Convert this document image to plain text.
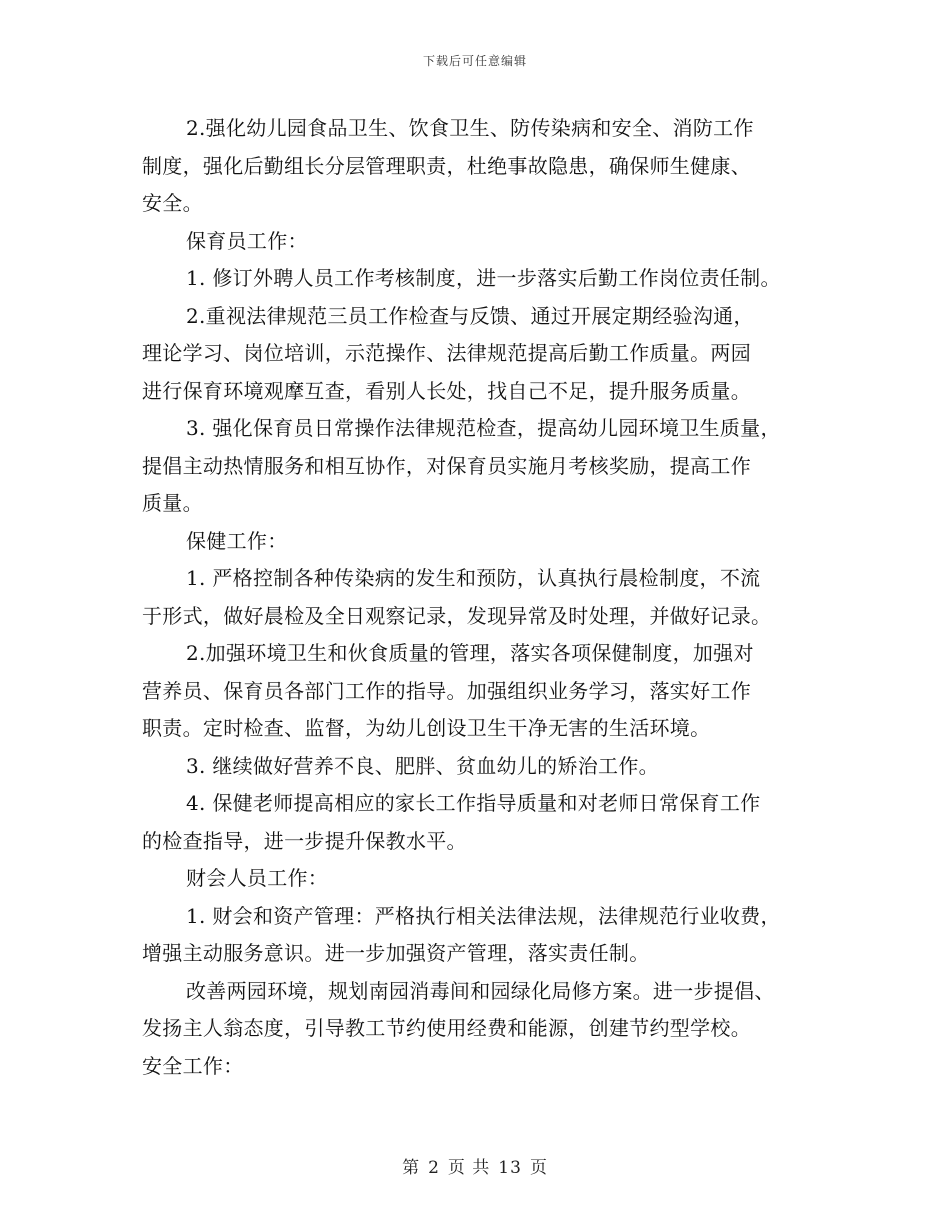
下载后可任意编辑
2.强化幼儿园食品卫生、饮食卫生、防传染病和安全、消防工作
制度，强化后勤组长分层管理职责，杜绝事故隐患，确保师生健康、
安全。
保育员工作：
1. 修订外聘人员工作考核制度，进一步落实后勤工作岗位责任制。
2.重视法律规范三员工作检查与反馈、通过开展定期经验沟通，
理论学习、岗位培训，示范操作、法律规范提高后勤工作质量。两园
进行保育环境观摩互查，看别人长处，找自己不足，提升服务质量。
3. 强化保育员日常操作法律规范检查，提高幼儿园环境卫生质量，
提倡主动热情服务和相互协作，对保育员实施月考核奖励，提高工作
质量。
保健工作：
1. 严格控制各种传染病的发生和预防，认真执行晨检制度，不流
于形式，做好晨检及全日观察记录，发现异常及时处理，并做好记录。
2.加强环境卫生和伙食质量的管理，落实各项保健制度，加强对
营养员、保育员各部门工作的指导。加强组织业务学习，落实好工作
职责。定时检查、监督，为幼儿创设卫生干净无害的生活环境。
3. 继续做好营养不良、肥胖、贫血幼儿的矫治工作。
4. 保健老师提高相应的家长工作指导质量和对老师日常保育工作
的检查指导，进一步提升保教水平。
财会人员工作：
1. 财会和资产管理：严格执行相关法律法规，法律规范行业收费，
增强主动服务意识。进一步加强资产管理，落实责任制。
改善两园环境，规划南园消毒间和园绿化局修方案。进一步提倡、
发扬主人翁态度，引导教工节约使用经费和能源，创建节约型学校。
安全工作：
第 2 页 共 13 页
